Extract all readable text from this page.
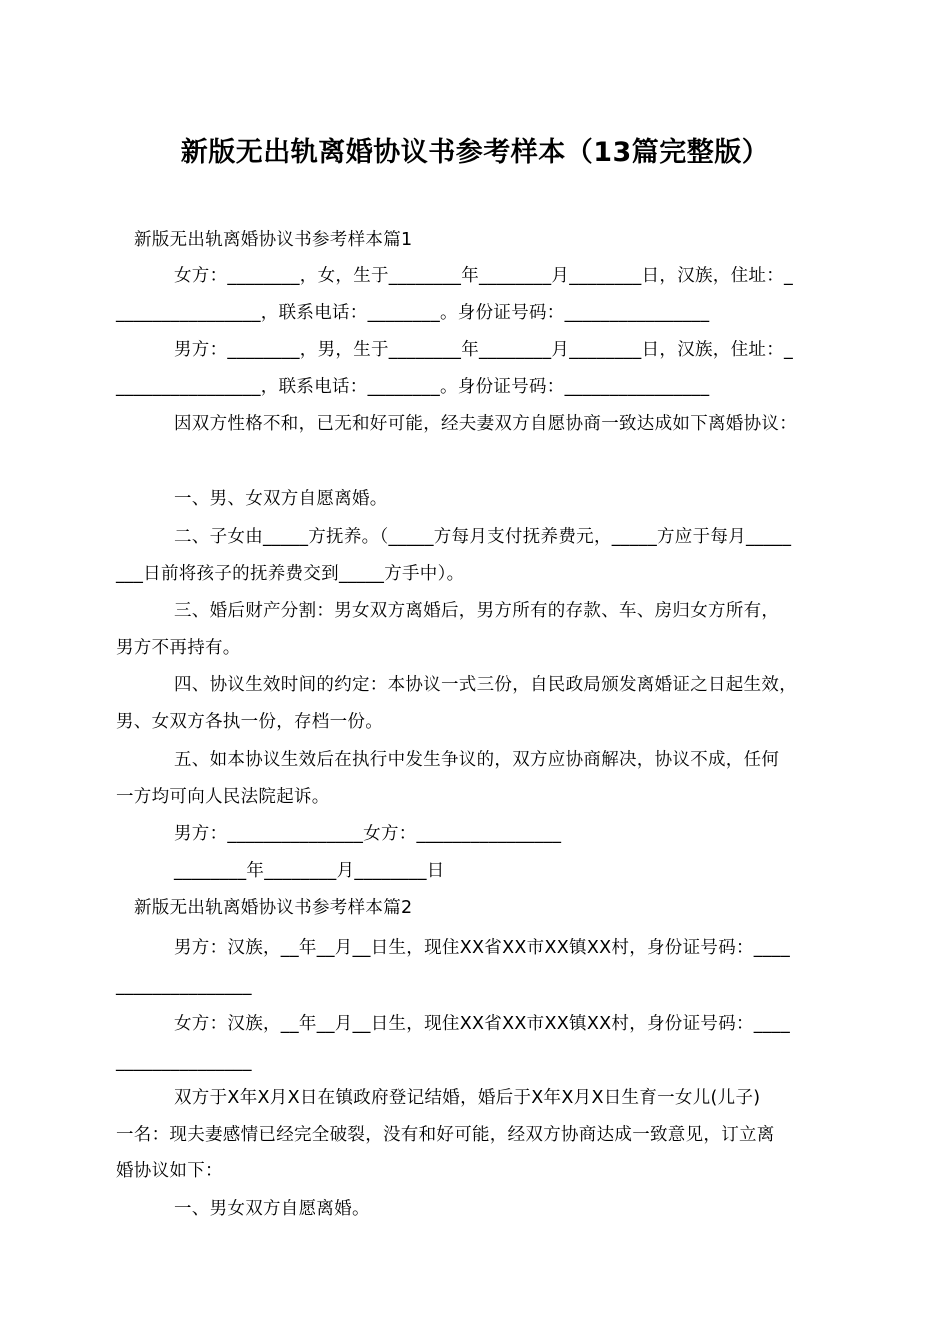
新版无出轨离婚协议书参考样本（13篇完整版）
新版无出轨离婚协议书参考样本篇1
女方：________，女，生于________年________月________日，汉族，住址：_
________________，联系电话：________。身份证号码：________________
男方：________，男，生于________年________月________日，汉族，住址：_
________________，联系电话：________。身份证号码：________________
因双方性格不和，已无和好可能，经夫妻双方自愿协商一致达成如下离婚协议：
一、男、女双方自愿离婚。
二、子女由_____方抚养。（_____方每月支付抚养费元，_____方应于每月_____
___日前将孩子的抚养费交到_____方手中）。
三、婚后财产分割：男女双方离婚后，男方所有的存款、车、房归女方所有，
男方不再持有。
四、协议生效时间的约定：本协议一式三份，自民政局颁发离婚证之日起生效，
男、女双方各执一份，存档一份。
五、如本协议生效后在执行中发生争议的，双方应协商解决，协议不成，任何
一方均可向人民法院起诉。
男方：_______________女方：________________
________年________月________日
新版无出轨离婚协议书参考样本篇2
男方：汉族，__年__月__日生，现住XX省XX市XX镇XX村，身份证号码：____
_______________
女方：汉族，__年__月__日生，现住XX省XX市XX镇XX村，身份证号码：____
_______________
双方于X年X月X日在镇政府登记结婚，婚后于X年X月X日生育一女儿(儿子)
一名：现夫妻感情已经完全破裂，没有和好可能，经双方协商达成一致意见，订立离
婚协议如下：
一、男女双方自愿离婚。
